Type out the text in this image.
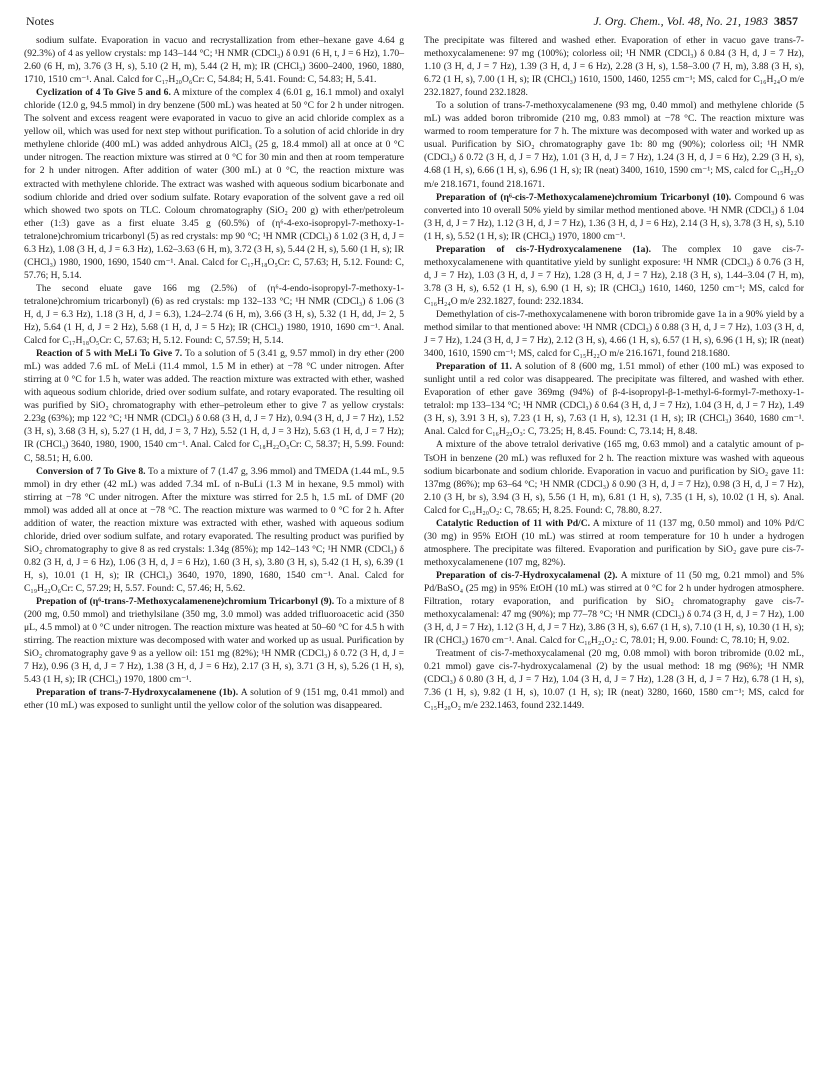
Notes	J. Org. Chem., Vol. 48, No. 21, 1983 3857

sodium sulfate. Evaporation in vacuo and recrystallization from ether–hexane gave 4.64 g (92.3%) of 4 as yellow crystals: mp 143–144 °C; ¹H NMR (CDCl₃) δ 0.91 (6 H, t, J = 6 Hz), 1.70–2.60 (6 H, m), 3.76 (3 H, s), 5.10 (2 H, m), 5.44 (2 H, m); IR (CHCl₃) 3600–2400, 1960, 1880, 1710, 1510 cm⁻¹. Anal. Calcd for C₁₇H₂₀O₆Cr: C, 54.84; H, 5.41. Found: C, 54.83; H, 5.41.

Cyclization of 4 To Give 5 and 6. A mixture of the complex 4 (6.01 g, 16.1 mmol) and oxalyl chloride (12.0 g, 94.5 mmol) in dry benzene (500 mL) was heated at 50 °C for 2 h under nitrogen. The solvent and excess reagent were evaporated in vacuo to give an acid chloride complex as a yellow oil, which was used for next step without purification. To a solution of acid chloride in dry methylene chloride (400 mL) was added anhydrous AlCl₃ (25 g, 18.4 mmol) all at once at 0 °C under nitrogen. The reaction mixture was stirred at 0 °C for 30 min and then at room temperature for 2 h under nitrogen. After addition of water (300 mL) at 0 °C, the reaction mixture was extracted with methylene chloride. The extract was washed with aqueous sodium bicarbonate and sodium chloride and dried over sodium sulfate. Rotary evaporation of the solvent gave a red oil which showed two spots on TLC. Coloum chromatography (SiO₂ 200 g) with ether/petroleum ether (1:3) gave as a first eluate 3.45 g (60.5%) of (η⁶-4-exo-isopropyl-7-methoxy-1-tetralone)chromium tricarbonyl (5) as red crystals: mp 90 °C; ¹H NMR (CDCl₃) δ 1.02 (3 H, d, J = 6.3 Hz), 1.08 (3 H, d, J = 6.3 Hz), 1.62–3.63 (6 H, m), 3.72 (3 H, s), 5.44 (2 H, s), 5.60 (1 H, s); IR (CHCl₃) 1980, 1900, 1690, 1540 cm⁻¹. Anal. Calcd for C₁₇H₁₈O₅Cr: C, 57.63; H, 5.12. Found: C, 57.76; H, 5.14.

The second eluate gave 166 mg (2.5%) of (η⁶-4-endo-isopropyl-7-methoxy-1-tetralone)chromium tricarbonyl) (6) as red crystals: mp 132–133 °C; ¹H NMR (CDCl₃) δ 1.06 (3 H, d, J = 6.3 Hz), 1.18 (3 H, d, J = 6.3), 1.24–2.74 (6 H, m), 3.66 (3 H, s), 5.32 (1 H, dd, J= 2, 5 Hz), 5.64 (1 H, d, J = 2 Hz), 5.68 (1 H, d, J = 5 Hz); IR (CHCl₃) 1980, 1910, 1690 cm⁻¹. Anal. Calcd for C₁₇H₁₈O₅Cr: C, 57.63; H, 5.12. Found: C, 57.59; H, 5.14.

Reaction of 5 with MeLi To Give 7. To a solution of 5 (3.41 g, 9.57 mmol) in dry ether (200 mL) was added 7.6 mL of MeLi (11.4 mmol, 1.5 M in ether) at −78 °C under nitrogen. After stirring at 0 °C for 1.5 h, water was added. The reaction mixture was extracted with ether, washed with aqueous sodium chloride, dried over sodium sulfate, and rotary evaporated. The resulting oil was purified by SiO₂ chromatography with ether–petroleum ether to give 7 as yellow crystals: 2.23g (63%); mp 122 °C; ¹H NMR (CDCl₃) δ 0.68 (3 H, d, J = 7 Hz), 0.94 (3 H, d, J = 7 Hz), 1.52 (3 H, s), 3.68 (3 H, s), 5.27 (1 H, dd, J = 3, 7 Hz), 5.52 (1 H, d, J = 3 Hz), 5.63 (1 H, d, J = 7 Hz); IR (CHCl₃) 3640, 1980, 1900, 1540 cm⁻¹. Anal. Calcd for C₁₈H₂₂O₅Cr: C, 58.37; H, 5.99. Found: C, 58.51; H, 6.00.

Conversion of 7 To Give 8. To a mixture of 7 (1.47 g, 3.96 mmol) and TMEDA (1.44 mL, 9.5 mmol) in dry ether (42 mL) was added 7.34 mL of n-BuLi (1.3 M in hexane, 9.5 mmol) with stirring at −78 °C under nitrogen. After the mixture was stirred for 2.5 h, 1.5 mL of DMF (20 mmol) was added all at once at −78 °C. The reaction mixture was warmed to 0 °C for 2 h. After addition of water, the reaction mixture was extracted with ether, washed with aqueous sodium chloride, dried over sodium sulfate, and rotary evaporated. The resulting product was purified by SiO₂ chromatography to give 8 as red crystals: 1.34g (85%); mp 142–143 °C; ¹H NMR (CDCl₃) δ 0.82 (3 H, d, J = 6 Hz), 1.06 (3 H, d, J = 6 Hz), 1.60 (3 H, s), 3.80 (3 H, s), 5.42 (1 H, s), 6.39 (1 H, s), 10.01 (1 H, s); IR (CHCl₃) 3640, 1970, 1890, 1680, 1540 cm⁻¹. Anal. Calcd for C₁₉H₂₂O₆Cr: C, 57.29; H, 5.57. Found: C, 57.46; H, 5.62.

Prepation of (η⁶-trans-7-Methoxycalamenene)chromium Tricarbonyl (9). To a mixture of 8 (200 mg, 0.50 mmol) and triethylsilane (350 mg, 3.0 mmol) was added trifluoroacetic acid (350 μL, 4.5 mmol) at 0 °C under nitrogen. The reaction mixture was heated at 50–60 °C for 4.5 h with stirring. The reaction mixture was decomposed with water and worked up as usual. Purification by SiO₂ chromatography gave 9 as a yellow oil: 151 mg (82%); ¹H NMR (CDCl₃) δ 0.72 (3 H, d, J = 7 Hz), 0.96 (3 H, d, J = 7 Hz), 1.38 (3 H, d, J = 6 Hz), 2.17 (3 H, s), 3.71 (3 H, s), 5.26 (1 H, s), 5.43 (1 H, s); IR (CHCl₃) 1970, 1800 cm⁻¹.

Preparation of trans-7-Hydroxycalamenene (1b). A solution of 9 (151 mg, 0.41 mmol) and ether (10 mL) was exposed to sunlight until the yellow color of the solution was disappeared.

The precipitate was filtered and washed ether. Evaporation of ether in vacuo gave trans-7-methoxycalamenene: 97 mg (100%); colorless oil; ¹H NMR (CDCl₃) δ 0.84 (3 H, d, J = 7 Hz), 1.10 (3 H, d, J = 7 Hz), 1.39 (3 H, d, J = 6 Hz), 2.28 (3 H, s), 1.58–3.00 (7 H, m), 3.88 (3 H, s), 6.72 (1 H, s), 7.00 (1 H, s); IR (CHCl₃) 1610, 1500, 1460, 1255 cm⁻¹; MS, calcd for C₁₆H₂₄O m/e 232.1827, found 232.1828.

To a solution of trans-7-methoxycalamenene (93 mg, 0.40 mmol) and methylene chloride (5 mL) was added boron tribromide (210 mg, 0.83 mmol) at −78 °C. The reaction mixture was warmed to room temperature for 7 h. The mixture was decomposed with water and worked up as usual. Purification by SiO₂ chromatography gave 1b: 80 mg (90%); colorless oil; ¹H NMR (CDCl₃) δ 0.72 (3 H, d, J = 7 Hz), 1.01 (3 H, d, J = 7 Hz), 1.24 (3 H, d, J = 6 Hz), 2.29 (3 H, s), 4.68 (1 H, s), 6.66 (1 H, s), 6.96 (1 H, s); IR (neat) 3400, 1610, 1590 cm⁻¹; MS, calcd for C₁₅H₂₂O m/e 218.1671, found 218.1671.

Preparation of (η⁶-cis-7-Methoxycalamene)chromium Tricarbonyl (10). Compound 6 was converted into 10 overall 50% yield by similar method mentioned above. ¹H NMR (CDCl₃) δ 1.04 (3 H, d, J = 7 Hz), 1.12 (3 H, d, J = 7 Hz), 1.36 (3 H, d, J = 6 Hz), 2.14 (3 H, s), 3.78 (3 H, s), 5.10 (1 H, s), 5.52 (1 H, s); IR (CHCl₃) 1970, 1800 cm⁻¹.

Preparation of cis-7-Hydroxycalamenene (1a). The complex 10 gave cis-7-methoxycalamenene with quantitative yield by sunlight exposure: ¹H NMR (CDCl₃) δ 0.76 (3 H, d, J = 7 Hz), 1.03 (3 H, d, J = 7 Hz), 1.28 (3 H, d, J = 7 Hz), 2.18 (3 H, s), 1.44–3.04 (7 H, m), 3.78 (3 H, s), 6.52 (1 H, s), 6.90 (1 H, s); IR (CHCl₃) 1610, 1460, 1250 cm⁻¹; MS, calcd for C₁₆H₂₄O m/e 232.1827, found: 232.1834.

Demethylation of cis-7-methoxycalamenene with boron tribromide gave 1a in a 90% yield by a method similar to that mentioned above: ¹H NMR (CDCl₃) δ 0.88 (3 H, d, J = 7 Hz), 1.03 (3 H, d, J = 7 Hz), 1.24 (3 H, d, J = 7 Hz), 2.12 (3 H, s), 4.66 (1 H, s), 6.57 (1 H, s), 6.96 (1 H, s); IR (neat) 3400, 1610, 1590 cm⁻¹; MS, calcd for C₁₅H₂₂O m/e 216.1671, found 218.1680.

Preparation of 11. A solution of 8 (600 mg, 1.51 mmol) of ether (100 mL) was exposed to sunlight until a red color was disappeared. The precipitate was filtered, and washed with ether. Evaporation of ether gave 369mg (94%) of β-4-isopropyl-β-1-methyl-6-formyl-7-methoxy-1-tetralol: mp 133–134 °C; ¹H NMR (CDCl₃) δ 0.64 (3 H, d, J = 7 Hz), 1.04 (3 H, d, J = 7 Hz), 1.49 (3 H, s), 3.91 3 H, s), 7.23 (1 H, s), 7.63 (1 H, s), 12.31 (1 H, s); IR (CHCl₃) 3640, 1680 cm⁻¹. Anal. Calcd for C₁₆H₂₂O₃: C, 73.25; H, 8.45. Found: C, 73.14; H, 8.48.

A mixture of the above tetralol derivative (165 mg, 0.63 mmol) and a catalytic amount of p-TsOH in benzene (20 mL) was refluxed for 2 h. The reaction mixture was washed with aqueous sodium bicarbonate and sodium chloride. Evaporation in vacuo and purification by SiO₂ gave 11: 137mg (86%); mp 63–64 °C; ¹H NMR (CDCl₃) δ 0.90 (3 H, d, J = 7 Hz), 0.98 (3 H, d, J = 7 Hz), 2.10 (3 H, br s), 3.94 (3 H, s), 5.56 (1 H, m), 6.81 (1 H, s), 7.35 (1 H, s), 10.02 (1 H, s). Anal. Calcd for C₁₆H₂₀O₂: C, 78.65; H, 8.25. Found: C, 78.80, 8.27.

Catalytic Reduction of 11 with Pd/C. A mixture of 11 (137 mg, 0.50 mmol) and 10% Pd/C (30 mg) in 95% EtOH (10 mL) was stirred at room temperature for 10 h under a hydrogen atmosphere. The precipitate was filtered. Evaporation and purification by SiO₂ gave pure cis-7-methoxycalamenene (107 mg, 82%).

Preparation of cis-7-Hydroxycalamenal (2). A mixture of 11 (50 mg, 0.21 mmol) and 5% Pd/BaSO₄ (25 mg) in 95% EtOH (10 mL) was stirred at 0 °C for 2 h under hydrogen atmosphere. Filtration, rotary evaporation, and purification by SiO₂ chromatography gave cis-7-methoxycalamenal: 47 mg (90%); mp 77–78 °C; ¹H NMR (CDCl₃) δ 0.74 (3 H, d, J = 7 Hz), 1.00 (3 H, d, J = 7 Hz), 1.12 (3 H, d, J = 7 Hz), 3.86 (3 H, s), 6.67 (1 H, s), 7.10 (1 H, s), 10.30 (1 H, s); IR (CHCl₃) 1670 cm⁻¹. Anal. Calcd for C₁₆H₂₂O₂: C, 78.01; H, 9.00. Found: C, 78.10; H, 9.02.

Treatment of cis-7-methoxycalamenal (20 mg, 0.08 mmol) with boron tribromide (0.02 mL, 0.21 mmol) gave cis-7-hydroxycalamenal (2) by the usual method: 18 mg (96%); ¹H NMR (CDCl₃) δ 0.80 (3 H, d, J = 7 Hz), 1.04 (3 H, d, J = 7 Hz), 1.28 (3 H, d, J = 7 Hz), 6.78 (1 H, s), 7.36 (1 H, s), 9.82 (1 H, s), 10.07 (1 H, s); IR (neat) 3280, 1660, 1580 cm⁻¹; MS, calcd for C₁₅H₂₀O₂ m/e 232.1463, found 232.1449.
